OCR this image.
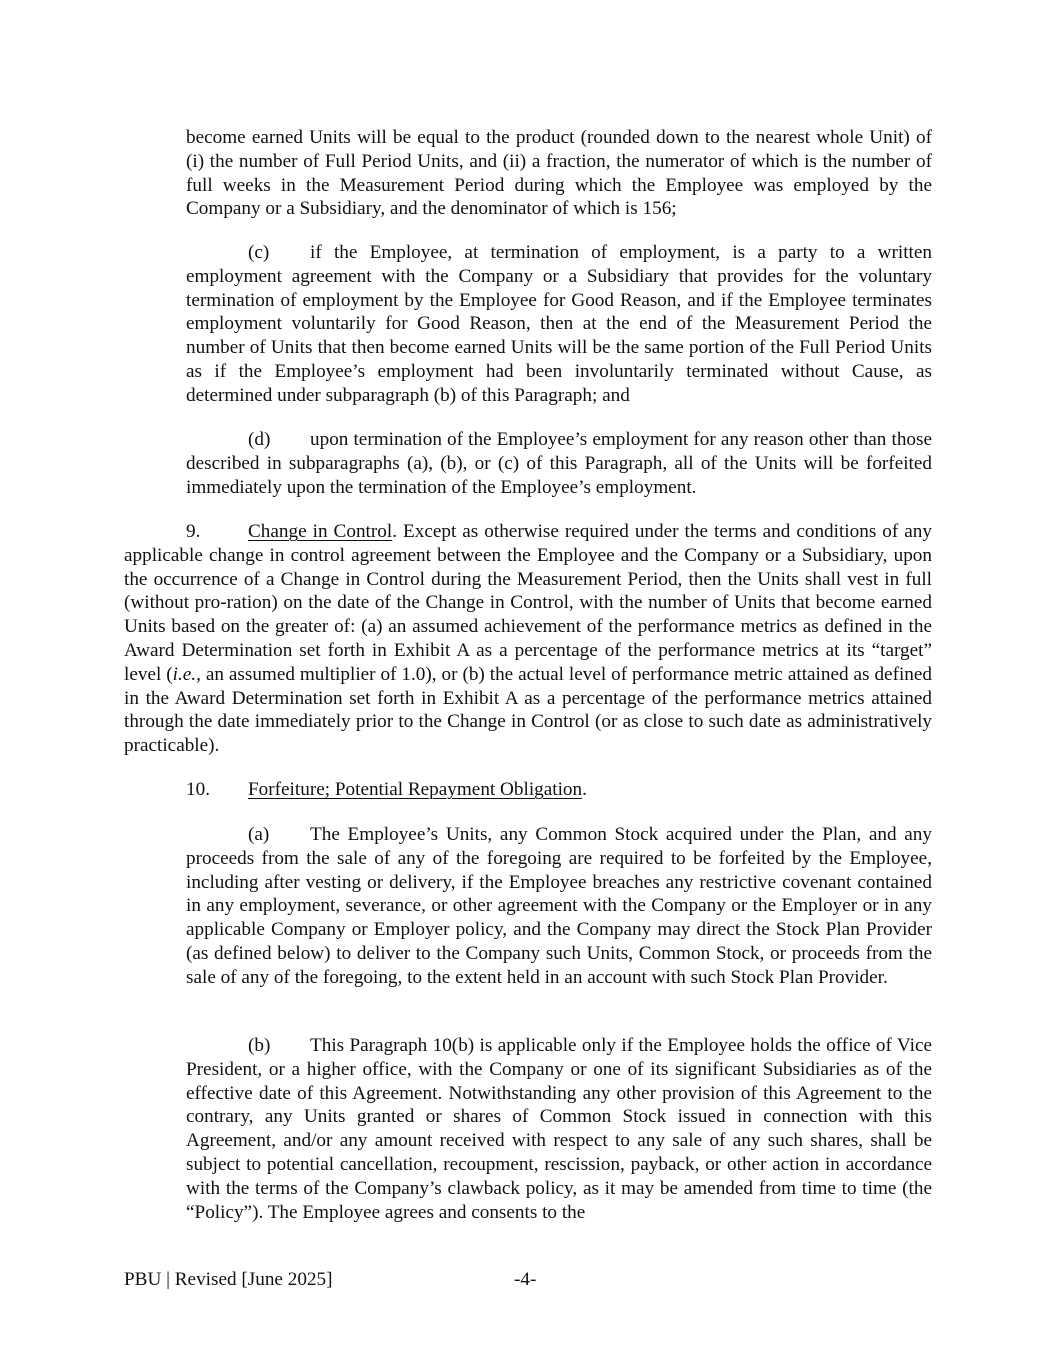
become earned Units will be equal to the product (rounded down to the nearest whole Unit) of (i) the number of Full Period Units, and (ii) a fraction, the numerator of which is the number of full weeks in the Measurement Period during which the Employee was employed by the Company or a Subsidiary, and the denominator of which is 156;

(c) if the Employee, at termination of employment, is a party to a written employment agreement with the Company or a Subsidiary that provides for the voluntary termination of employment by the Employee for Good Reason, and if the Employee terminates employment voluntarily for Good Reason, then at the end of the Measurement Period the number of Units that then become earned Units will be the same portion of the Full Period Units as if the Employee’s employment had been involuntarily terminated without Cause, as determined under subparagraph (b) of this Paragraph; and

(d) upon termination of the Employee’s employment for any reason other than those described in subparagraphs (a), (b), or (c) of this Paragraph, all of the Units will be forfeited immediately upon the termination of the Employee’s employment.

9. Change in Control. Except as otherwise required under the terms and conditions of any applicable change in control agreement between the Employee and the Company or a Subsidiary, upon the occurrence of a Change in Control during the Measurement Period, then the Units shall vest in full (without pro-ration) on the date of the Change in Control, with the number of Units that become earned Units based on the greater of: (a) an assumed achievement of the performance metrics as defined in the Award Determination set forth in Exhibit A as a percentage of the performance metrics at its “target” level (i.e., an assumed multiplier of 1.0), or (b) the actual level of performance metric attained as defined in the Award Determination set forth in Exhibit A as a percentage of the performance metrics attained through the date immediately prior to the Change in Control (or as close to such date as administratively practicable).

10. Forfeiture; Potential Repayment Obligation.

(a) The Employee’s Units, any Common Stock acquired under the Plan, and any proceeds from the sale of any of the foregoing are required to be forfeited by the Employee, including after vesting or delivery, if the Employee breaches any restrictive covenant contained in any employment, severance, or other agreement with the Company or the Employer or in any applicable Company or Employer policy, and the Company may direct the Stock Plan Provider (as defined below) to deliver to the Company such Units, Common Stock, or proceeds from the sale of any of the foregoing, to the extent held in an account with such Stock Plan Provider.

(b) This Paragraph 10(b) is applicable only if the Employee holds the office of Vice President, or a higher office, with the Company or one of its significant Subsidiaries as of the effective date of this Agreement. Notwithstanding any other provision of this Agreement to the contrary, any Units granted or shares of Common Stock issued in connection with this Agreement, and/or any amount received with respect to any sale of any such shares, shall be subject to potential cancellation, recoupment, rescission, payback, or other action in accordance with the terms of the Company’s clawback policy, as it may be amended from time to time (the “Policy”). The Employee agrees and consents to the

PBU | Revised [June 2025]	-4-
